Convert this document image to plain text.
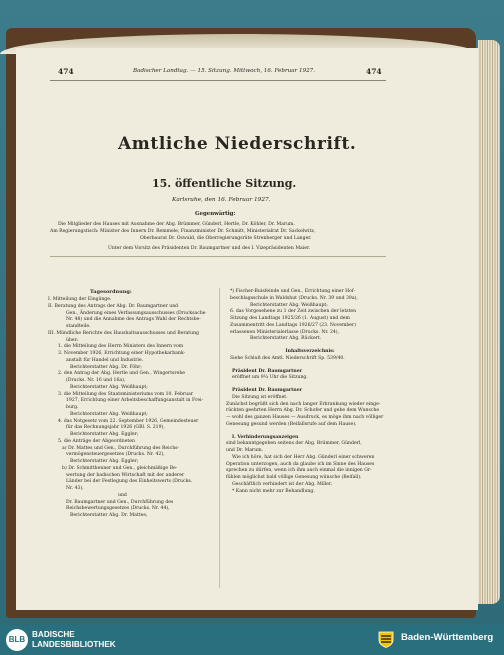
474	Badischer Landtag. — 15. Sitzung. Mittwoch, 16. Februar 1927.	474
Amtliche Niederschrift.
15. öffentliche Sitzung.
Karlsruhe, den 16. Februar 1927.
Gegenwärtig:
Die Mitglieder des Hauses mit Ausnahme der Abg. Brümmer, Günderl, Hertle, Dr. Köhler, Dr. Marum.
Am Regierungstisch: Minister des Innern Dr. Remmele, Finanzminister Dr. Schmitt, Ministerialrat Dr. Sackelwitz,
Oberbaurat Dr. Oswald, die Oberregierungsräte Strenberger und Langer.
Unter dem Vorsitz des Präsidenten Dr. Baumgartner und des I. Vizepräsidenten Maier.
Tagesordnung:
I. Mitteilung der Eingänge.
II. Beratung des Antrags der Abg. Dr. Baumgartner und
Gen., Änderung eines Verfassungsausschusses (Drucksache
Nr. 48) und die Annahme des Antrags Wahl der Rechtsbe-
standteile.
III. Mündliche Berichte des Haushaltsausschusses und Beratung
über:
1. die Mitteilung des Herrn Ministers des Innern vom
3. November 1926, Errichtung einer Hypothekarbank-
anstalt für Handel und Industrie.
Berichterstatter Abg. Dr. Föhr;
2. den Antrag der Abg. Hertle und Gen., Wingertsrebe
(Drucks. Nr. 16 und 16a),
Berichterstatter Abg. Weißhaupt;
3. die Mitteilung des Staatsministeriums vom 10. Februar
1927, Errichtung einer Arbeitsbeschaffungsanstalt in Frei-
burg.
Berichterstatter Abg. Weißhaupt;
4. das Notgesetz vom 22. September 1926, Gemeindesteuer
für das Rechnungsjahr 1926 (GBl. S. 219),
Berichterstatter Abg. Eggler;
5. die Anträge der Abgeordneten
a) Dr. Mattes und Gen., Durchführung des Reichs-
vermögensteuergesetzes (Drucks. Nr. 42),
Berichterstatter Abg. Eggler;
b) Dr. Schmitthenner und Gen., gleichmäßige Be-
wertung der badischen Wirtschaft mit der anderer
Länder bei der Festlegung des Einheitswerts (Drucks.
Nr. 43),
und
Dr. Baumgartner und Gen., Durchführung des
Reichsbewertungsgesetzes (Drucks. Nr. 44),
Berichterstatter Abg. Dr. Mattes;
*) Fischer-Buisfeinde und Gen., Errichtung einer Hof-
beschlagsschule in Waldshut (Drucks. Nr. 39 und 39a),
Berichterstatter Abg. Weißhaupt;
6. das Vorgesehene zu 1 der Zeit zwischen der letzten
Sitzung des Landtags 1925/26 (1. August) und dem
Zusammentritt des Landtags 1926/27 (23. November)
erlassenen Ministerialerlasse (Drucks. Nr. 24),
Berichterstatter Abg. Rückert.
Inhaltsverzeichnis:
Siehe Schluß des Amtl. Niederschrift Sp. 539/40.
Präsident Dr. Baumgartner
eröffnet um 9¼ Uhr die Sitzung.
Präsident Dr. Baumgartner
Die Sitzung ist eröffnet.
Zunächst begrüßt sich den nach langer Erkrankung wieder einge-
rückten geehrten Herrn Abg. Dr. Schofer und gebe dem Wunsche
— wohl des ganzen Hauses — Ausdruck, es möge ihm nach völliger
Genesung gesund werden (Beifallsrufe auf dem Hause).
I. Verhinderungsanzeigen
sind bekanntgegeben seitens der Abg. Brümmer, Günderl,
und Dr. Marum.
Wie ich höre, hat sich der Herr Abg. Günderl einer schweren
Operation unterzogen, auch da glaube ich im Sinne des Hauses
sprechen zu dürfen, wenn ich ihm auch einmal die innigen Gr-
fühlen möglichst bald völlige Genesung wünsche (Beifall).
Geschäftlich verhindert ist der Abg. Miller.
* Kann nicht mehr zur Behandlung.
BLB
BADISCHE
LANDESBIBLIOTHEK
Baden-Württemberg
